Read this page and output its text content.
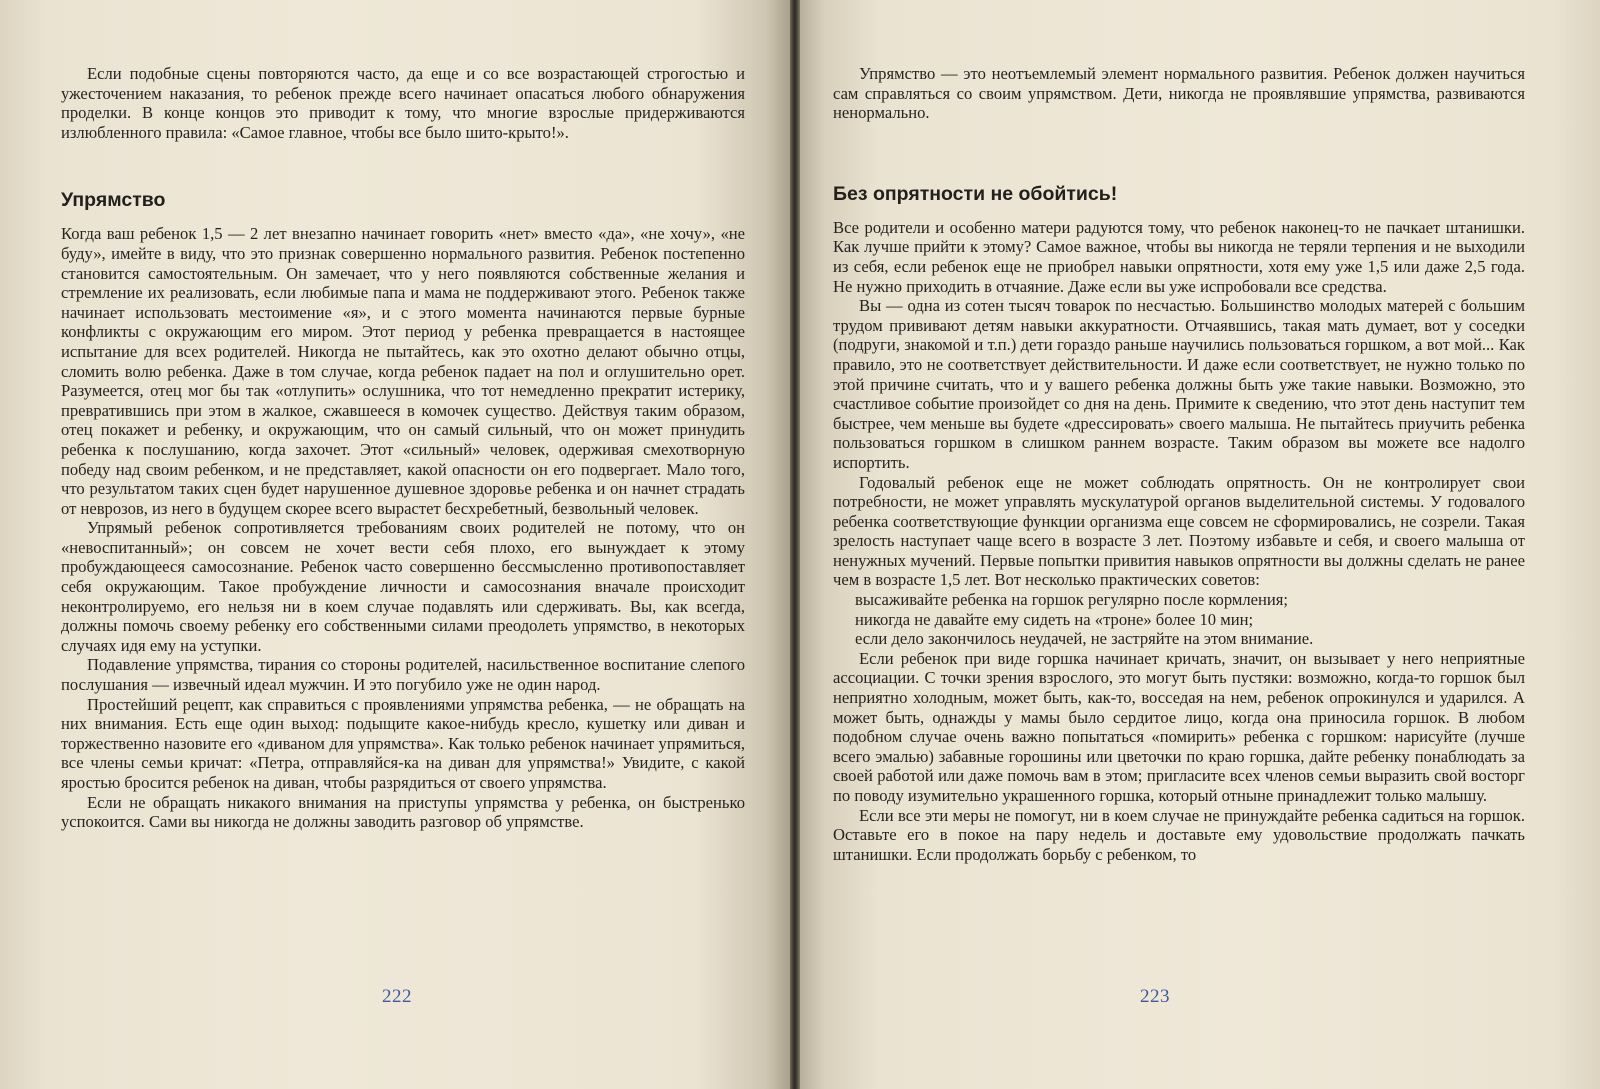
Если подобные сцены повторяются часто, да еще и со все возрастающей строгостью и ужесточением наказания, то ребенок прежде всего начинает опасаться любого обнаружения проделки. В конце концов это приводит к тому, что многие взрослые придерживаются излюбленного правила: «Самое главное, чтобы все было шито-крыто!».

Упрямство

Когда ваш ребенок 1,5 — 2 лет внезапно начинает говорить «нет» вместо «да», «не хочу», «не буду», имейте в виду, что это признак совершенно нормального развития. Ребенок постепенно становится самостоятельным. Он замечает, что у него появляются собственные желания и стремление их реализовать, если любимые папа и мама не поддерживают этого. Ребенок также начинает использовать местоимение «я», и с этого момента начинаются первые бурные конфликты с окружающим его миром. Этот период у ребенка превращается в настоящее испытание для всех родителей. Никогда не пытайтесь, как это охотно делают обычно отцы, сломить волю ребенка. Даже в том случае, когда ребенок падает на пол и оглушительно орет. Разумеется, отец мог бы так «отлупить» ослушника, что тот немедленно прекратит истерику, превратившись при этом в жалкое, сжавшееся в комочек существо. Действуя таким образом, отец покажет и ребенку, и окружающим, что он самый сильный, что он может принудить ребенка к послушанию, когда захочет. Этот «сильный» человек, одерживая смехотворную победу над своим ребенком, и не представляет, какой опасности он его подвергает. Мало того, что результатом таких сцен будет нарушенное душевное здоровье ребенка и он начнет страдать от неврозов, из него в будущем скорее всего вырастет бесхребетный, безвольный человек.

Упрямый ребенок сопротивляется требованиям своих родителей не потому, что он «невоспитанный»; он совсем не хочет вести себя плохо, его вынуждает к этому пробуждающееся самосознание. Ребенок часто совершенно бессмысленно противопоставляет себя окружающим. Такое пробуждение личности и самосознания вначале происходит неконтролируемо, его нельзя ни в коем случае подавлять или сдерживать. Вы, как всегда, должны помочь своему ребенку его собственными силами преодолеть упрямство, в некоторых случаях идя ему на уступки.

Подавление упрямства, тирания со стороны родителей, насильственное воспитание слепого послушания — извечный идеал мужчин. И это погубило уже не один народ.

Простейший рецепт, как справиться с проявлениями упрямства ребенка, — не обращать на них внимания. Есть еще один выход: подыщите какое-нибудь кресло, кушетку или диван и торжественно назовите его «диваном для упрямства». Как только ребенок начинает упрямиться, все члены семьи кричат: «Петра, отправляйся-ка на диван для упрямства!» Увидите, с какой яростью бросится ребенок на диван, чтобы разрядиться от своего упрямства.

Если не обращать никакого внимания на приступы упрямства у ребенка, он быстренько успокоится. Сами вы никогда не должны заводить разговор об упрямстве.

222

Упрямство — это неотъемлемый элемент нормального развития. Ребенок должен научиться сам справляться со своим упрямством. Дети, никогда не проявлявшие упрямства, развиваются ненормально.

Без опрятности не обойтись!

Все родители и особенно матери радуются тому, что ребенок наконец-то не пачкает штанишки. Как лучше прийти к этому? Самое важное, чтобы вы никогда не теряли терпения и не выходили из себя, если ребенок еще не приобрел навыки опрятности, хотя ему уже 1,5 или даже 2,5 года. Не нужно приходить в отчаяние. Даже если вы уже испробовали все средства.

Вы — одна из сотен тысяч товарок по несчастью. Большинство молодых матерей с большим трудом прививают детям навыки аккуратности. Отчаявшись, такая мать думает, вот у соседки (подруги, знакомой и т.п.) дети гораздо раньше научились пользоваться горшком, а вот мой... Как правило, это не соответствует действительности. И даже если соответствует, не нужно только по этой причине считать, что и у вашего ребенка должны быть уже такие навыки. Возможно, это счастливое событие произойдет со дня на день. Примите к сведению, что этот день наступит тем быстрее, чем меньше вы будете «дрессировать» своего малыша. Не пытайтесь приучить ребенка пользоваться горшком в слишком раннем возрасте. Таким образом вы можете все надолго испортить.

Годовалый ребенок еще не может соблюдать опрятность. Он не контролирует свои потребности, не может управлять мускулатурой органов выделительной системы. У годовалого ребенка соответствующие функции организма еще совсем не сформировались, не созрели. Такая зрелость наступает чаще всего в возрасте 3 лет. Поэтому избавьте и себя, и своего малыша от ненужных мучений. Первые попытки привития навыков опрятности вы должны сделать не ранее чем в возрасте 1,5 лет. Вот несколько практических советов:

высаживайте ребенка на горшок регулярно после кормления;

никогда не давайте ему сидеть на «троне» более 10 мин;

если дело закончилось неудачей, не застряйте на этом внимание.

Если ребенок при виде горшка начинает кричать, значит, он вызывает у него неприятные ассоциации. С точки зрения взрослого, это могут быть пустяки: возможно, когда-то горшок был неприятно холодным, может быть, как-то, восседая на нем, ребенок опрокинулся и ударился. А может быть, однажды у мамы было сердитое лицо, когда она приносила горшок. В любом подобном случае очень важно попытаться «помирить» ребенка с горшком: нарисуйте (лучше всего эмалью) забавные горошины или цветочки по краю горшка, дайте ребенку понаблюдать за своей работой или даже помочь вам в этом; пригласите всех членов семьи выразить свой восторг по поводу изумительно украшенного горшка, который отныне принадлежит только малышу.

Если все эти меры не помогут, ни в коем случае не принуждайте ребенка садиться на горшок. Оставьте его в покое на пару недель и доставьте ему удовольствие продолжать пачкать штанишки. Если продолжать борьбу с ребенком, то

223
